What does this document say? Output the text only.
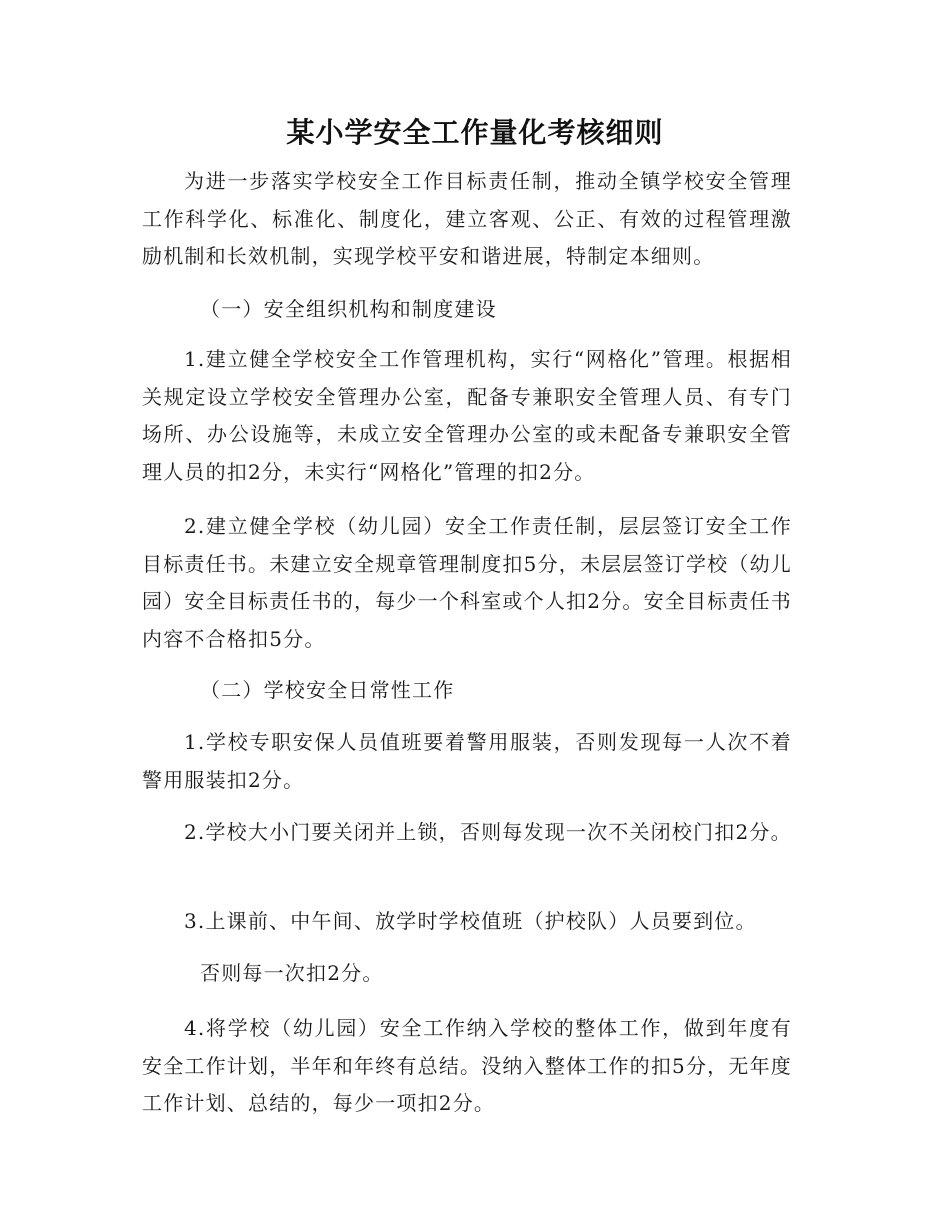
某小学安全工作量化考核细则

为进一步落实学校安全工作目标责任制，推动全镇学校安全管理工作科学化、标准化、制度化，建立客观、公正、有效的过程管理激励机制和长效机制，实现学校平安和谐进展，特制定本细则。

（一）安全组织机构和制度建设

1.建立健全学校安全工作管理机构，实行“网格化”管理。根据相关规定设立学校安全管理办公室，配备专兼职安全管理人员、有专门场所、办公设施等，未成立安全管理办公室的或未配备专兼职安全管理人员的扣2分，未实行“网格化”管理的扣2分。

2.建立健全学校（幼儿园）安全工作责任制，层层签订安全工作目标责任书。未建立安全规章管理制度扣5分，未层层签订学校（幼儿园）安全目标责任书的，每少一个科室或个人扣2分。安全目标责任书内容不合格扣5分。

（二）学校安全日常性工作

1.学校专职安保人员值班要着警用服装，否则发现每一人次不着警用服装扣2分。

2.学校大小门要关闭并上锁，否则每发现一次不关闭校门扣2分。

3.上课前、中午间、放学时学校值班（护校队）人员要到位。

否则每一次扣2分。

4.将学校（幼儿园）安全工作纳入学校的整体工作，做到年度有安全工作计划，半年和年终有总结。没纳入整体工作的扣5分，无年度工作计划、总结的，每少一项扣2分。
